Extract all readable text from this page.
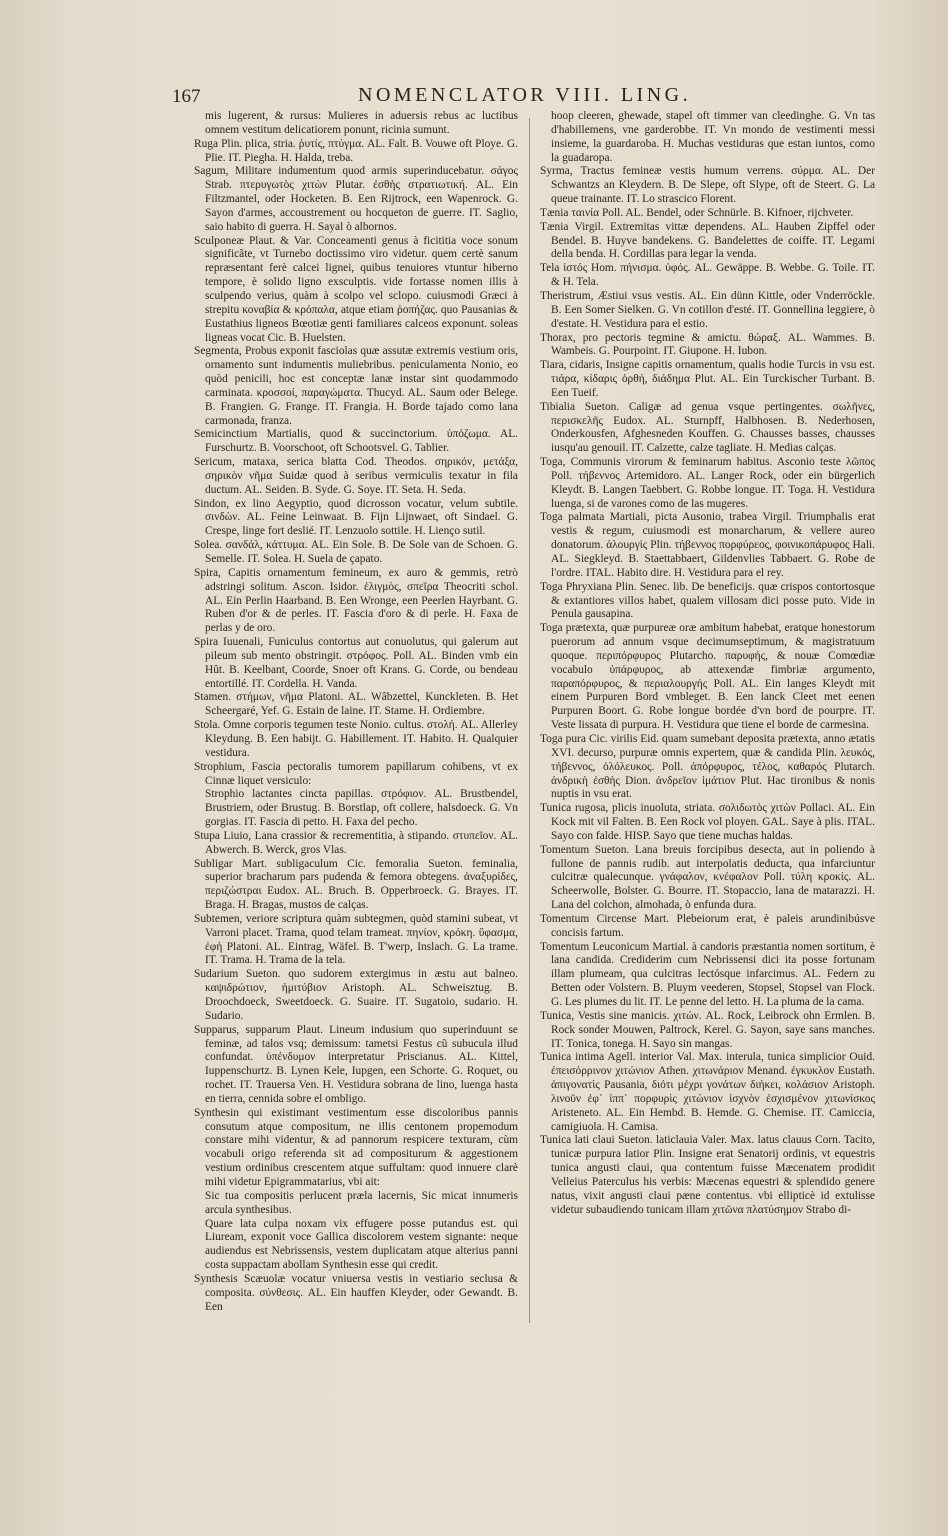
167	NOMENCLATOR VIII. LING.

mis lugerent, & rursus: Mulieres in aduersis rebus ac luctibus omnem vestitum delicatiorem ponunt, ricinia sumunt.

Ruga Plin. plica, stria. ῥυτίς, πτύγμα. AL. Falt. B. Vouwe oft Ploye. G. Plie. IT. Piegha. H. Halda, treba.

Sagum, Militare indumentum quod armis superinducebatur. σάγος Strab. πτερυγωτὸς χιτὼν Plutar. ἐσθὴς στρατιωτική. AL. Ein Filtzmantel, oder Hocketen. B. Een Rijtrock, een Wapenrock. G. Sayon d'armes, accoustrement ou hocqueton de guerre. IT. Saglio, saio habito di guerra. H. Sayal ò albornos.

Sculponeæ Plaut. & Var. Conceamenti genus à ficititia voce sonum significãte, vt Turnebo doctissimo viro videtur. quem certè sanum repræsentant ferè calcei lignei, quibus tenuiores vtuntur hiberno tempore, è solido ligno exsculptis. vide fortasse nomen illis à sculpendo verius, quàm à scolpo vel sclopo. cuiusmodi Græci à strepitu κοναβία & κρόπαλα, atque etiam ῥοπήζας. quo Pausanias & Eustathius ligneos Bœotiæ genti familiares calceos exponunt. soleas ligneas vocat Cic. B. Huelsten.

Segmenta, Probus exponit fasciolas quæ assutæ extremis vestium oris, ornamento sunt indumentis muliebribus. peniculamenta Nonio, eo quòd penicili, hoc est conceptæ lanæ instar sint quodammodo carminata. κροσσοί, παραγώματα. Thucyd. AL. Saum oder Belege. B. Frangien. G. Frange. IT. Frangia. H. Borde tajado como lana carmonada, franza.

Semicinctium Martialis, quod & succinctorium. ὑπόζωμα. AL. Furschurtz. B. Voorschoot, oft Schootsvel. G. Tablier.

Sericum, mataxa, serica blatta Cod. Theodos. σηρικόν, μετάξα, σηρικὸν νῆμα Suidæ quod à seribus vermiculis texatur in fila ductum. AL. Seiden. B. Syde. G. Soye. IT. Seta. H. Seda.

Sindon, ex lino Aegyptio, quod dicrosson vocatur, velum subtile. σινδὼν. AL. Feine Leinwaat. B. Fijn Lijnwaet, oft Sindael. G. Crespe, linge fort deslié. IT. Lenzuolo sottile. H. Lienço sutil.

Solea. σανδάλ, κάττυμα. AL. Ein Sole. B. De Sole van de Schoen. G. Semelle. IT. Solea. H. Suela de çapato.

Spira, Capitis ornamentum femineum, ex auro & gemmis, retrò adstringi solitum. Ascon. Isidor. ἑλιγμὸς, σπεῖρα Theocriti schol. AL. Ein Perlin Haarband. B. Een Wronge, een Peerlen Hayrbant. G. Ruben d'or & de perles. IT. Fascia d'oro & di perle. H. Faxa de perlas y de oro.

Spira Iuuenali, Funiculus contortus aut conuolutus, qui galerum aut pileum sub mento obstringit. στρόφος. Poll. AL. Binden vmb ein Hût. B. Keelbant, Coorde, Snoer oft Krans. G. Corde, ou bendeau entortillé. IT. Cordella. H. Vanda.

Stamen. στήμων, νῆμα Platoni. AL. Wâbzettel, Kunckleten. B. Het Scheergaré, Yef. G. Estain de laine. IT. Stame. H. Ordiembre.

Stola. Omne corporis tegumen teste Nonio. cultus. στολή. AL. Allerley Kleydung. B. Een habijt. G. Habillement. IT. Habito. H. Qualquier vestidura.

Strophium, Fascia pectoralis tumorem papillarum cohibens, vt ex Cinnæ liquet versiculo:

Strophio lactantes cincta papillas. στρόφιον. AL. Brustbendel, Brustriem, oder Brustug. B. Borstlap, oft collere, halsdoeck. G. Vn gorgias. IT. Fascia di petto. H. Faxa del pecho.

Stupa Liuio, Lana crassior & recrementitia, à stipando. στυπεῖον. AL. Abwerch. B. Werck, gros Vlas.

Subligar Mart. subligaculum Cic. femoralia Sueton. feminalia, superior bracharum pars pudenda & femora obtegens. ἀναξυρίδες, περιζώστραι Eudox. AL. Bruch. B. Opperbroeck. G. Brayes. IT. Braga. H. Bragas, mustos de calças.

Subtemen, veriore scriptura quàm subtegmen, quòd stamini subeat, vt Varroni placet. Trama, quod telam trameat. πηνίον, κρόκη. ὕφασμα, ἐφὴ Platoni. AL. Eintrag, Wäfel. B. T'werp, Inslach. G. La trame. IT. Trama. H. Trama de la tela.

Sudarium Sueton. quo sudorem extergimus in æstu aut balneo. καψιδρώτιον, ἡμιτύβιον Aristoph. AL. Schweisztug. B. Droochdoeck, Sweetdoeck. G. Suaire. IT. Sugatoio, sudario. H. Sudario.

Supparus, supparum Plaut. Lineum indusium quo superinduunt se feminæ, ad talos vsq; demissum: tametsi Festus cũ subucula illud confundat. ὑπένδυμον interpretatur Priscianus. AL. Kittel, Iuppenschurtz. B. Lynen Kele, Iupgen, een Schorte. G. Roquet, ou rochet. IT. Trauersa Ven. H. Vestidura sobrana de lino, luenga hasta en tierra, cennida sobre el ombligo.

Synthesin qui existimant vestimentum esse discoloribus pannis consutum atque compositum, ne illis centonem propemodum constare mihi videntur, & ad pannorum respicere texturam, cùm vocabuli origo referenda sit ad compositurum & aggestionem vestium ordinibus crescentem atque suffultam: quod innuere clarè mihi videtur Epigrammatarius, vbi ait:

Sic tua compositis perlucent præla lacernis, Sic micat innumeris arcula synthesibus.

Quare lata culpa noxam vix effugere posse putandus est. qui Liuream, exponit voce Gallica discolorem vestem signante: neque audiendus est Nebrissensis, vestem duplicatam atque alterius panni costa suppactam abollam Synthesin esse qui credit.

Synthesis Scæuolæ vocatur vniuersa vestis in vestiario seclusa & composita. σύνθεσις. AL. Ein hauffen Kleyder, oder Gewandt. B. Een

hoop cleeren, ghewade, stapel oft timmer van cleedinghe. G. Vn tas d'habillemens, vne garderobbe. IT. Vn mondo de vestimenti messi insieme, la guardaroba. H. Muchas vestiduras que estan iuntos, como la guadaropa.

Syrma, Tractus femineæ vestis humum verrens. σύρμα. AL. Der Schwantzs an Kleydern. B. De Slepe, oft Slype, oft de Steert. G. La queue trainante. IT. Lo strascico Florent.

Tænia ταινία Poll. AL. Bendel, oder Schnürle. B. Kifnoer, rijchveter.

Tænia Virgil. Extremitas vittæ dependens. AL. Hauben Zipffel oder Bendel. B. Huyve bandekens. G. Bandelettes de coiffe. IT. Legami della benda. H. Cordillas para legar la venda.

Tela ἱστός Hom. πήνισμα. ὑφός. AL. Gewäppe. B. Webbe. G. Toile. IT. & H. Tela.

Theristrum, Æstiui vsus vestis. AL. Ein dünn Kittle, oder Vnderröckle. B. Een Somer Sielken. G. Vn cotillon d'esté. IT. Gonnellina leggiere, ò d'estate. H. Vestidura para el estio.

Thorax, pro pectoris tegmine & amictu. θώραξ. AL. Wammes. B. Wambeis. G. Pourpoint. IT. Giupone. H. Iubon.

Tiara, cidaris, Insigne capitis ornamentum, qualis hodie Turcis in vsu est. τιάρα, κίδαρις ὀρθή, διάδημα Plut. AL. Ein Turckischer Turbant. B. Een Tueif.

Tibialia Sueton. Caligæ ad genua vsque pertingentes. σωλῆνες, περισκελῆς Eudox. AL. Sturnpff, Halbhosen. B. Nederhosen, Onderkousfen, Afghesneden Kouffen. G. Chausses basses, chausses iusqu'au genouil. IT. Calzette, calze tagliate. H. Medias calças.

Toga, Communis virorum & feminarum habitus. Asconio teste λῶπος Poll. τήβεννος Artemidoro. AL. Langer Rock, oder ein bürgerlich Kleydt. B. Langen Taebbert. G. Robbe longue. IT. Toga. H. Vestidura luenga, si de varones como de las mugeres.

Toga palmata Martiali, picta Ausonio, trabea Virgil. Triumphalis erat vestis & regum, cuiusmodi est monarcharum, & vellere aureo donatorum. ἁλουργὶς Plin. τήβεννος πορφύρεος, φοινικοπάρυφος Hali. AL. Siegkleyd. B. Staettabbaert, Gildenvlies Tabbaert. G. Robe de l'ordre. ITAL. Habito dire. H. Vestidura para el rey.

Toga Phryxiana Plin. Senec. lib. De beneficijs. quæ crispos contortosque & extantiores villos habet, qualem villosam dici posse puto. Vide in Penula gausapina.

Toga prætexta, quæ purpureæ oræ ambitum habebat, eratque honestorum puerorum ad annum vsque decimumseptimum, & magistratuum quoque. περιπόρφυρος Plutarcho. παρυφής, & nouæ Comœdiæ vocabulo ὑπάρφυρος, ab attexendæ fimbriæ argumento, παραπόρφυρος, & περιαλουργής Poll. AL. Ein langes Kleydt mit einem Purpuren Bord vmbleget. B. Een lanck Cleet met eenen Purpuren Boort. G. Robe longue bordée d'vn bord de pourpre. IT. Veste lissata di purpura. H. Vestidura que tiene el borde de carmesina.

Toga pura Cic. virilis Eid. quam sumebant deposita prætexta, anno ætatis XVI. decurso, purpuræ omnis expertem, quæ & candida Plin. λευκός, τήβεννος, ὁλόλευκος. Poll. ἀπόρφυρος, τέλος, καθαρός Plutarch. ἀνδρικὴ ἐσθὴς Dion. ἀνδρεῖον ἱμάτιον Plut. Hac tironibus & nonis nuptis in vsu erat.

Tunica rugosa, plicis inuoluta, striata. σολιδωτὸς χιτὼν Pollaci. AL. Ein Kock mit vil Falten. B. Een Rock vol ployen. GAL. Saye à plis. ITAL. Sayo con falde. HISP. Sayo que tiene muchas haldas.

Tomentum Sueton. Lana breuis forcipibus desecta, aut in poliendo à fullone de pannis rudib. aut interpolatis deducta, qua infarciuntur culcitræ qualecunque. γνάφαλον, κνέφαλον Poll. τύλη κροκίς. AL. Scheerwolle, Bolster. G. Bourre. IT. Stopaccio, lana de matarazzi. H. Lana del colchon, almohada, ò enfunda dura.

Tomentum Circense Mart. Plebeiorum erat, è paleis arundinibúsve concisis fartum.

Tomentum Leuconicum Martial. à candoris præstantia nomen sortitum, è lana candida. Crediderim cum Nebrissensi dici ita posse fortunam illam plumeam, qua culcitras lectósque infarcimus. AL. Federn zu Betten oder Volstern. B. Pluym veederen, Stopsel, Stopsel van Flock. G. Les plumes du lit. IT. Le penne del letto. H. La pluma de la cama.

Tunica, Vestis sine manicis. χιτών. AL. Rock, Leibrock ohn Ermlen. B. Rock sonder Mouwen, Paltrock, Kerel. G. Sayon, saye sans manches. IT. Tonica, tonega. H. Sayo sin mangas.

Tunica intima Agell. interior Val. Max. interula, tunica simplicior Ouid. ἐπεισόρρινον χιτώνιον Athen. χιτωνάριον Menand. ἐγκυκλον Eustath. ἀπιγονατὶς Pausania, διότι μέχρι γονάτων διήκει, κολάσιον Aristoph. λινοῦν ἐφ᾽ ἱππ᾽ πορφυρὶς χιτώνιον ἰσχνὸν ἐσχισμένον χιτωνίσκος Aristeneto. AL. Ein Hembd. B. Hemde. G. Chemise. IT. Camiccia, camigiuola. H. Camisa.

Tunica lati claui Sueton. laticlauia Valer. Max. latus clauus Corn. Tacito, tunicæ purpura latior Plin. Insigne erat Senatorij ordinis, vt equestris tunica angusti claui, qua contentum fuisse Mæcenatem prodidit Velleius Paterculus his verbis: Mæcenas equestri & splendido genere natus, vixit angusti claui pæne contentus. vbi ellipticè id extulisse videtur subaudiendo tunicam illam χιτῶνα πλατύσημον Strabo di-
